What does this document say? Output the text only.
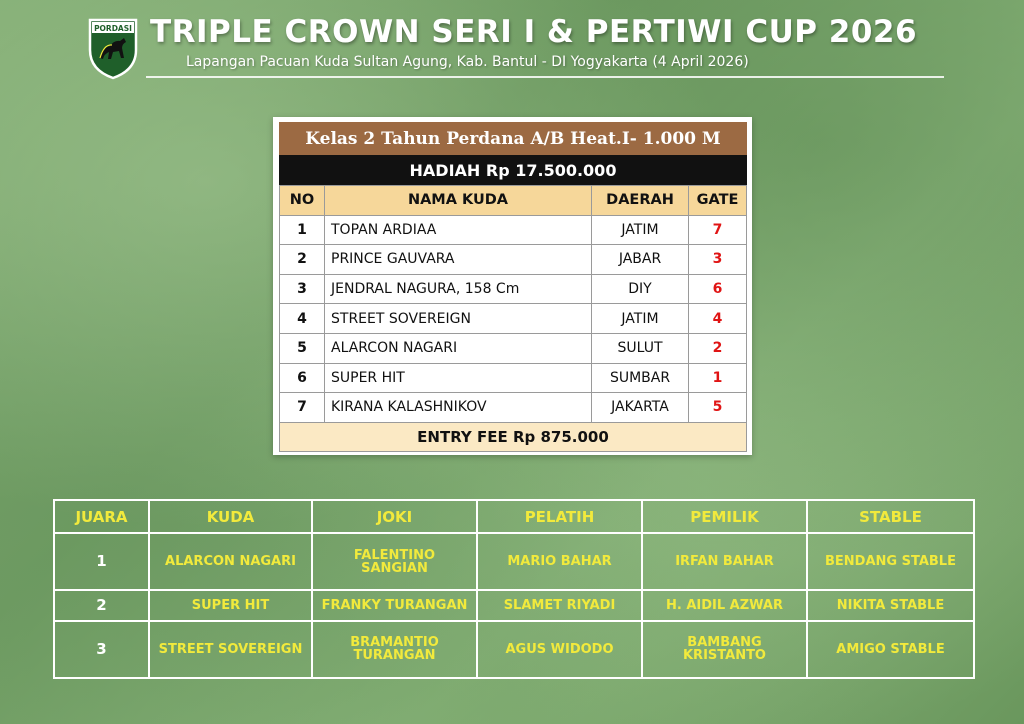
PORDASI TRIPLE CROWN SERI I & PERTIWI CUP 2026
Lapangan Pacuan Kuda Sultan Agung, Kab. Bantul - DI Yogyakarta (4 April 2026)
Kelas 2 Tahun Perdana A/B Heat.I- 1.000 M
HADIAH Rp 17.500.000
NO	NAMA KUDA	DAERAH	GATE
1	TOPAN ARDIAA	JATIM	7
2	PRINCE GAUVARA	JABAR	3
3	JENDRAL NAGURA, 158 Cm	DIY	6
4	STREET SOVEREIGN	JATIM	4
5	ALARCON NAGARI	SULUT	2
6	SUPER HIT	SUMBAR	1
7	KIRANA KALASHNIKOV	JAKARTA	5
ENTRY FEE Rp 875.000
JUARA	KUDA	JOKI	PELATIH	PEMILIK	STABLE
1	ALARCON NAGARI	FALENTINO SANGIAN	MARIO BAHAR	IRFAN BAHAR	BENDANG STABLE
2	SUPER HIT	FRANKY TURANGAN	SLAMET RIYADI	H. AIDIL AZWAR	NIKITA STABLE
3	STREET SOVEREIGN	BRAMANTIO TURANGAN	AGUS WIDODO	BAMBANG KRISTANTO	AMIGO STABLE
